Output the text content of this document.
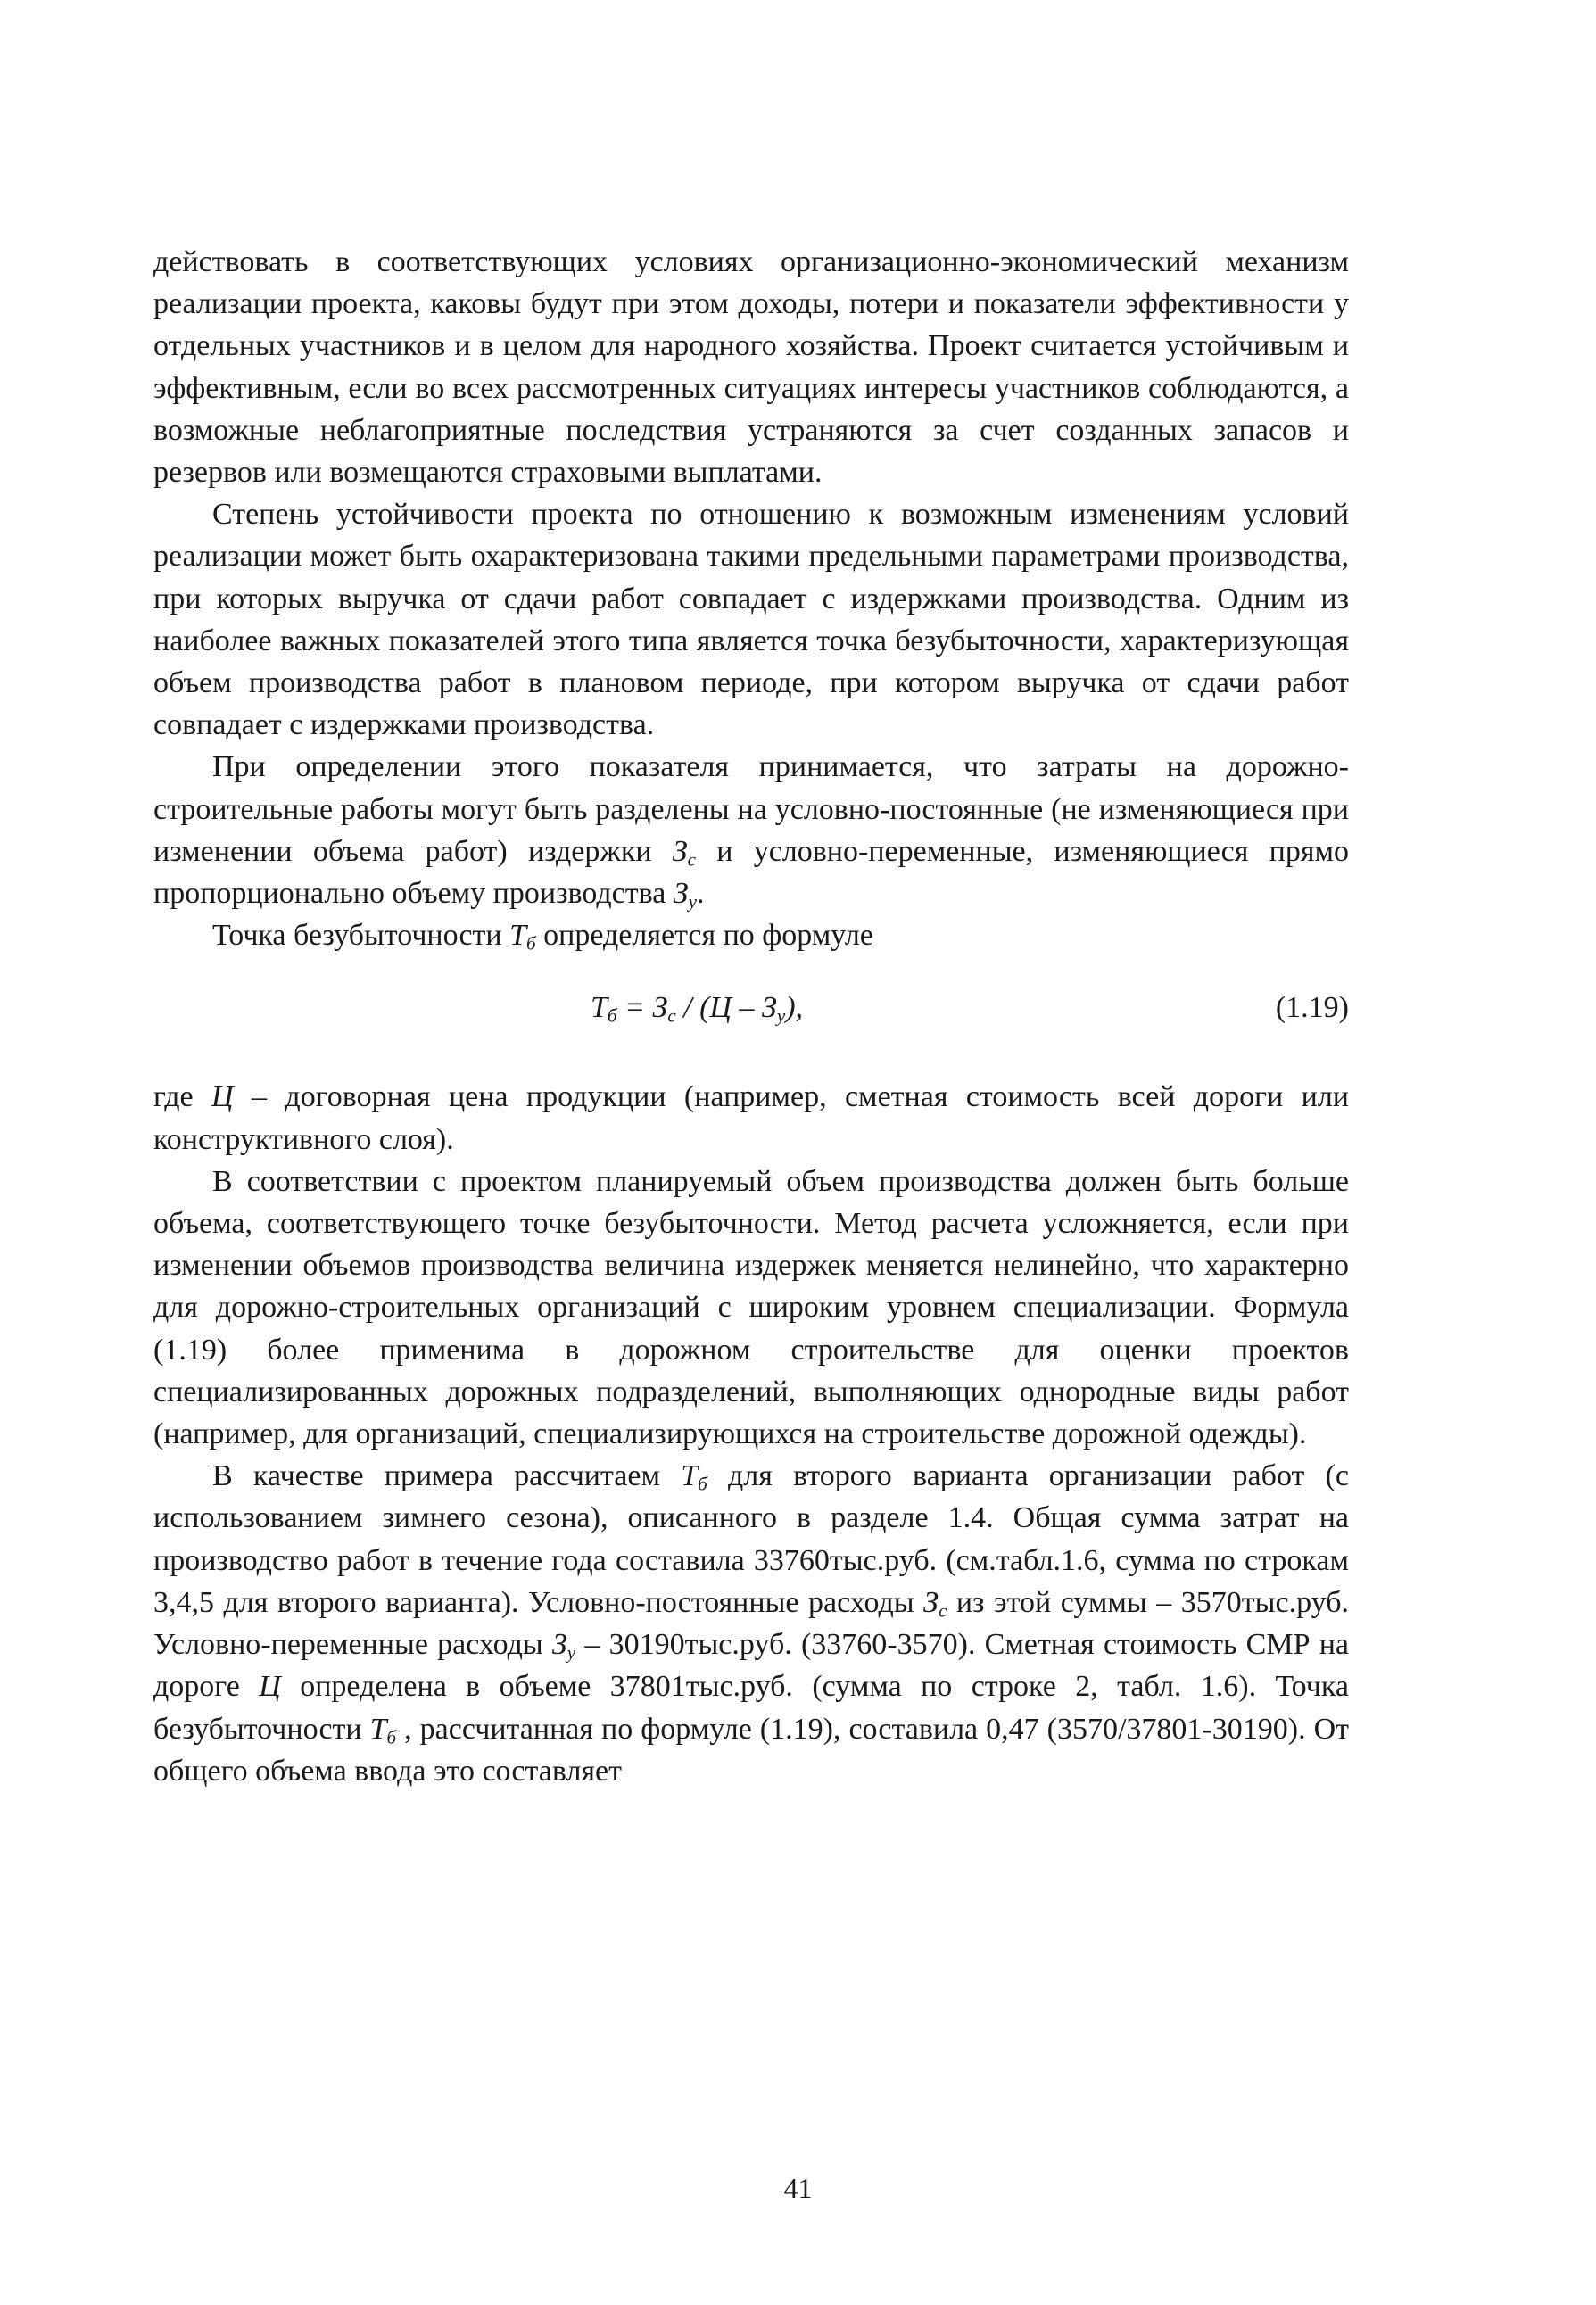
действовать в соответствующих условиях организационно-экономический механизм реализации проекта, каковы будут при этом доходы, потери и показатели эффективности у отдельных участников и в целом для народного хозяйства. Проект считается устойчивым и эффективным, если во всех рассмотренных ситуациях интересы участников соблюдаются, а возможные неблагоприятные последствия устраняются за счет созданных запасов и резервов или возмещаются страховыми выплатами.

Степень устойчивости проекта по отношению к возможным изменениям условий реализации может быть охарактеризована такими предельными параметрами производства, при которых выручка от сдачи работ совпадает с издержками производства. Одним из наиболее важных показателей этого типа является точка безубыточности, характеризующая объем производства работ в плановом периоде, при котором выручка от сдачи работ совпадает с издержками производства.

При определении этого показателя принимается, что затраты на дорожно-строительные работы могут быть разделены на условно-постоянные (не изменяющиеся при изменении объема работ) издержки $З_с$ и условно-переменные, изменяющиеся прямо пропорционально объему производства $З_у$.

Точка безубыточности $Т_б$ определяется по формуле

$Т_б = З_с / (Ц - З_у)$,	(1.19)

где Ц – договорная цена продукции (например, сметная стоимость всей дороги или конструктивного слоя).

В соответствии с проектом планируемый объем производства должен быть больше объема, соответствующего точке безубыточности. Метод расчета усложняется, если при изменении объемов производства величина издержек меняется нелинейно, что характерно для дорожно-строительных организаций с широким уровнем специализации. Формула (1.19) более применима в дорожном строительстве для оценки проектов специализированных дорожных подразделений, выполняющих однородные виды работ (например, для организаций, специализирующихся на строительстве дорожной одежды).

В качестве примера рассчитаем $Т_б$ для второго варианта организации работ (с использованием зимнего сезона), описанного в разделе 1.4. Общая сумма затрат на производство работ в течение года составила 33760тыс.руб. (см.табл.1.6, сумма по строкам 3,4,5 для второго варианта). Условно-постоянные расходы $З_с$ из этой суммы – 3570тыс.руб. Условно-переменные расходы $З_у - 30190тыс.руб$. (33760-3570). Сметная стоимость СМР на дороге Ц определена в объеме 37801тыс.руб. (сумма по строке 2, табл. 1.6). Точка безубыточности $Т_б$ , рассчитанная по формуле (1.19), составила 0,47 (3570/37801-30190). От общего объема ввода это составляет

41
